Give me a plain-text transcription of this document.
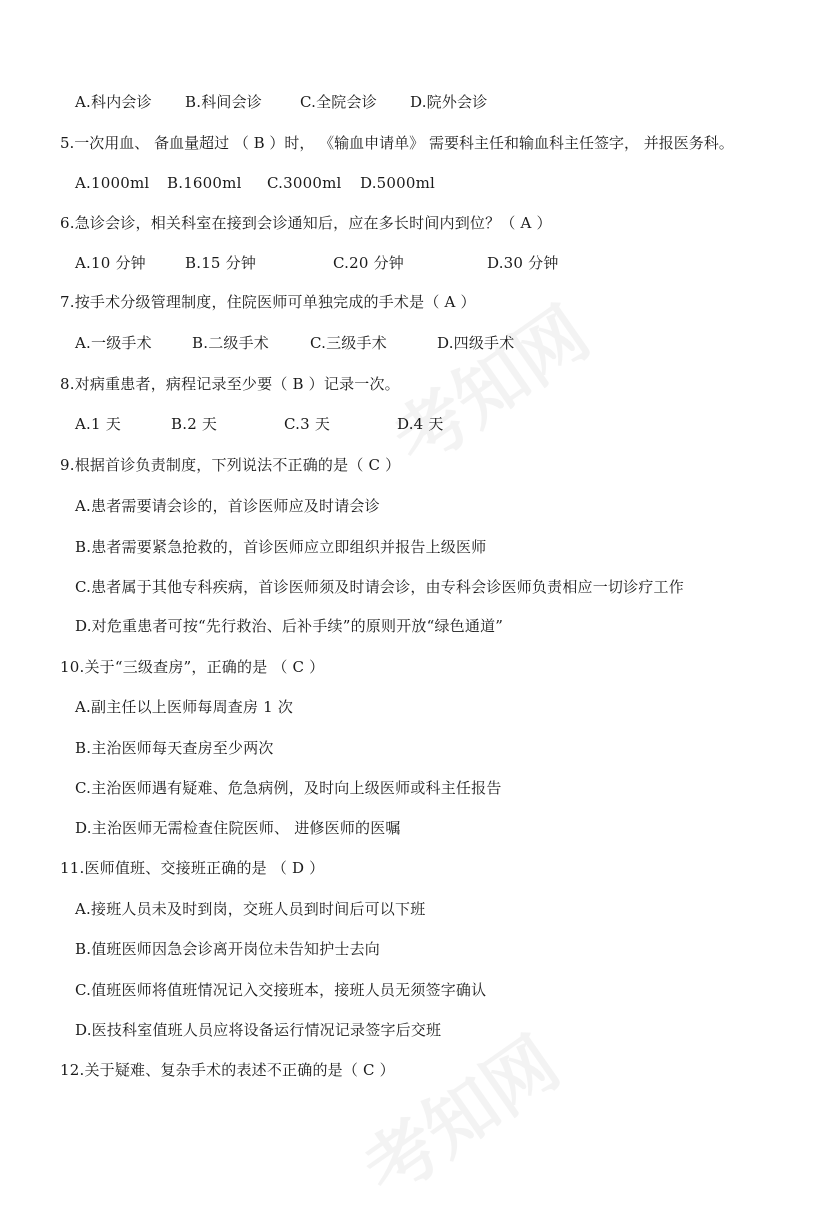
A.科内会诊 B.科间会诊	C.全院会诊 D.院外会诊
5.一次用血、 备血量超过 （ B ）时， 《输血申请单》 需要科主任和输血科主任签字， 并报医务科。
A.1000ml B.1600ml C.3000ml D.5000ml
6.急诊会诊，相关科室在接到会诊通知后，应在多长时间内到位？（ A ）
A.10 分钟	B.15 分钟	C.20 分钟	D.30 分钟
7.按手术分级管理制度，住院医师可单独完成的手术是（ A ）
A.一级手术	B.二级手术	C.三级手术	D.四级手术
8.对病重患者，病程记录至少要（ B ）记录一次。
A.1 天	B.2 天	C.3 天	D.4 天
9.根据首诊负责制度，下列说法不正确的是（ C ）
A.患者需要请会诊的，首诊医师应及时请会诊
B.患者需要紧急抢救的，首诊医师应立即组织并报告上级医师
C.患者属于其他专科疾病，首诊医师须及时请会诊，由专科会诊医师负责相应一切诊疗工作
D.对危重患者可按“先行救治、后补手续”的原则开放“绿色通道”
10.关于“三级查房”，正确的是 （ C ）
A.副主任以上医师每周查房 1 次
B.主治医师每天查房至少两次
C.主治医师遇有疑难、危急病例，及时向上级医师或科主任报告
D.主治医师无需检查住院医师、 进修医师的医嘱
11.医师值班、交接班正确的是 （ D ）
A.接班人员未及时到岗，交班人员到时间后可以下班
B.值班医师因急会诊离开岗位未告知护士去向
C.值班医师将值班情况记入交接班本，接班人员无须签字确认
D.医技科室值班人员应将设备运行情况记录签字后交班
12.关于疑难、复杂手术的表述不正确的是（ C ）
